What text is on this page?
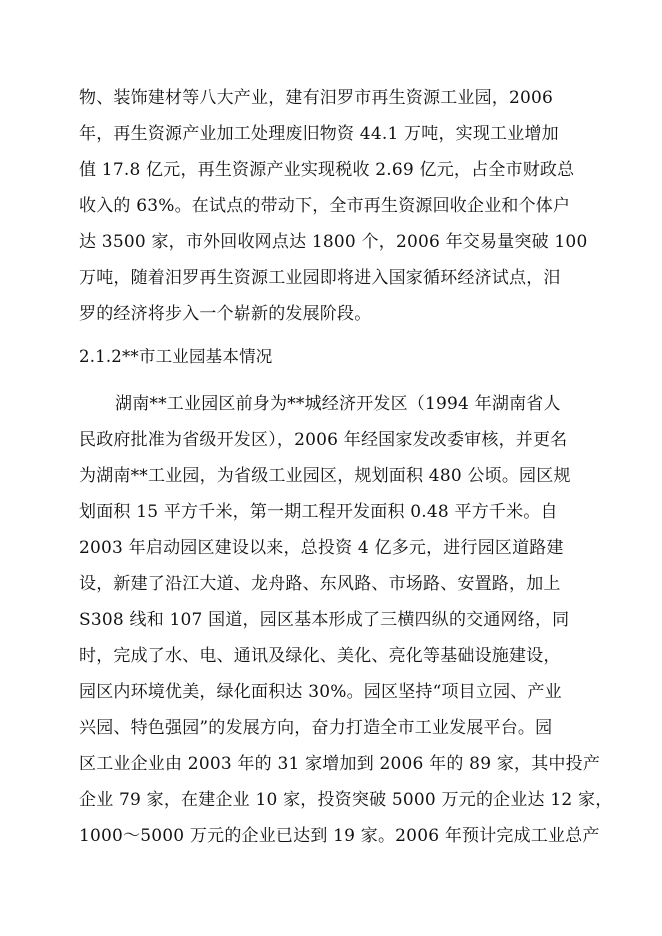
物、装饰建材等八大产业，建有汨罗市再生资源工业园，2006
年，再生资源产业加工处理废旧物资 44.1 万吨，实现工业增加
值 17.8 亿元，再生资源产业实现税收 2.69 亿元，占全市财政总
收入的 63%。在试点的带动下，全市再生资源回收企业和个体户
达 3500 家，市外回收网点达 1800 个，2006 年交易量突破 100
万吨，随着汨罗再生资源工业园即将进入国家循环经济试点，汨
罗的经济将步入一个崭新的发展阶段。
2.1.2**市工业园基本情况
湖南**工业园区前身为**城经济开发区（1994 年湖南省人
民政府批准为省级开发区），2006 年经国家发改委审核，并更名
为湖南**工业园，为省级工业园区，规划面积 480 公顷。园区规
划面积 15 平方千米，第一期工程开发面积 0.48 平方千米。自
2003 年启动园区建设以来，总投资 4 亿多元，进行园区道路建
设，新建了沿江大道、龙舟路、东风路、市场路、安置路，加上
S308 线和 107 国道，园区基本形成了三横四纵的交通网络，同
时，完成了水、电、通讯及绿化、美化、亮化等基础设施建设，
园区内环境优美，绿化面积达 30%。园区坚持“项目立园、产业
兴园、特色强园”的发展方向，奋力打造全市工业发展平台。园
区工业企业由 2003 年的 31 家增加到 2006 年的 89 家，其中投产
企业 79 家，在建企业 10 家，投资突破 5000 万元的企业达 12 家，
1000～5000 万元的企业已达到 19 家。2006 年预计完成工业总产
